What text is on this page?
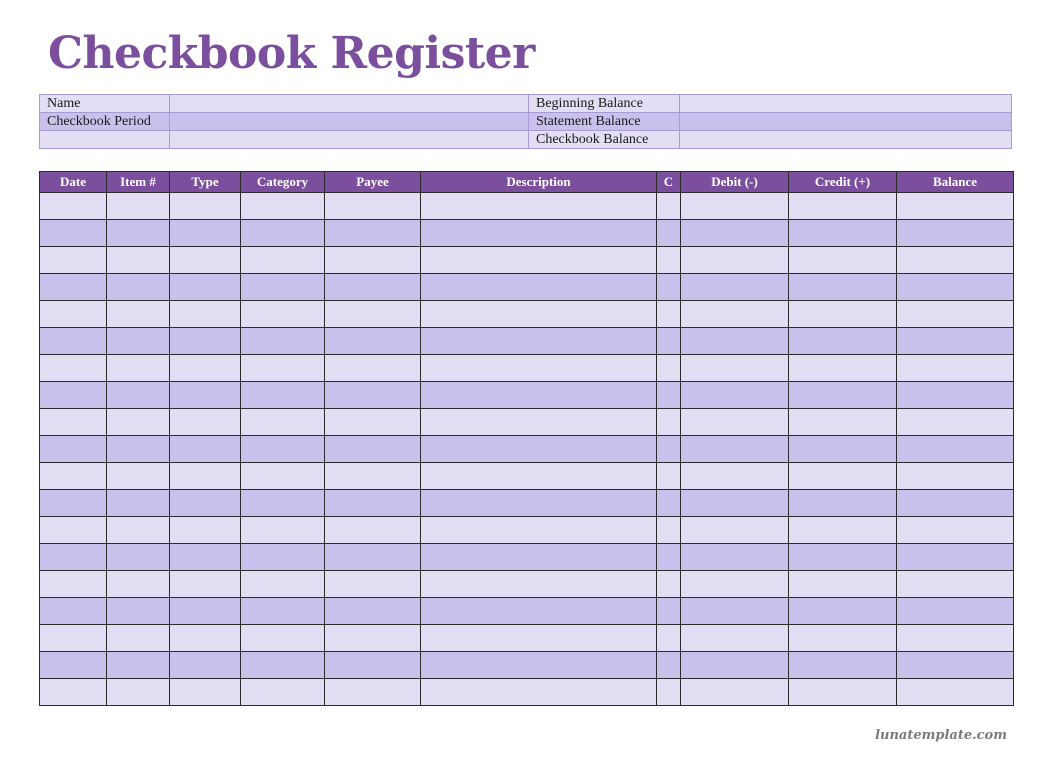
Checkbook Register
Name		Beginning Balance	
Checkbook Period		Statement Balance	
		Checkbook Balance	
Date	Item #	Type	Category	Payee	Description	C	Debit (-)	Credit (+)	Balance

lunatemplate.com
